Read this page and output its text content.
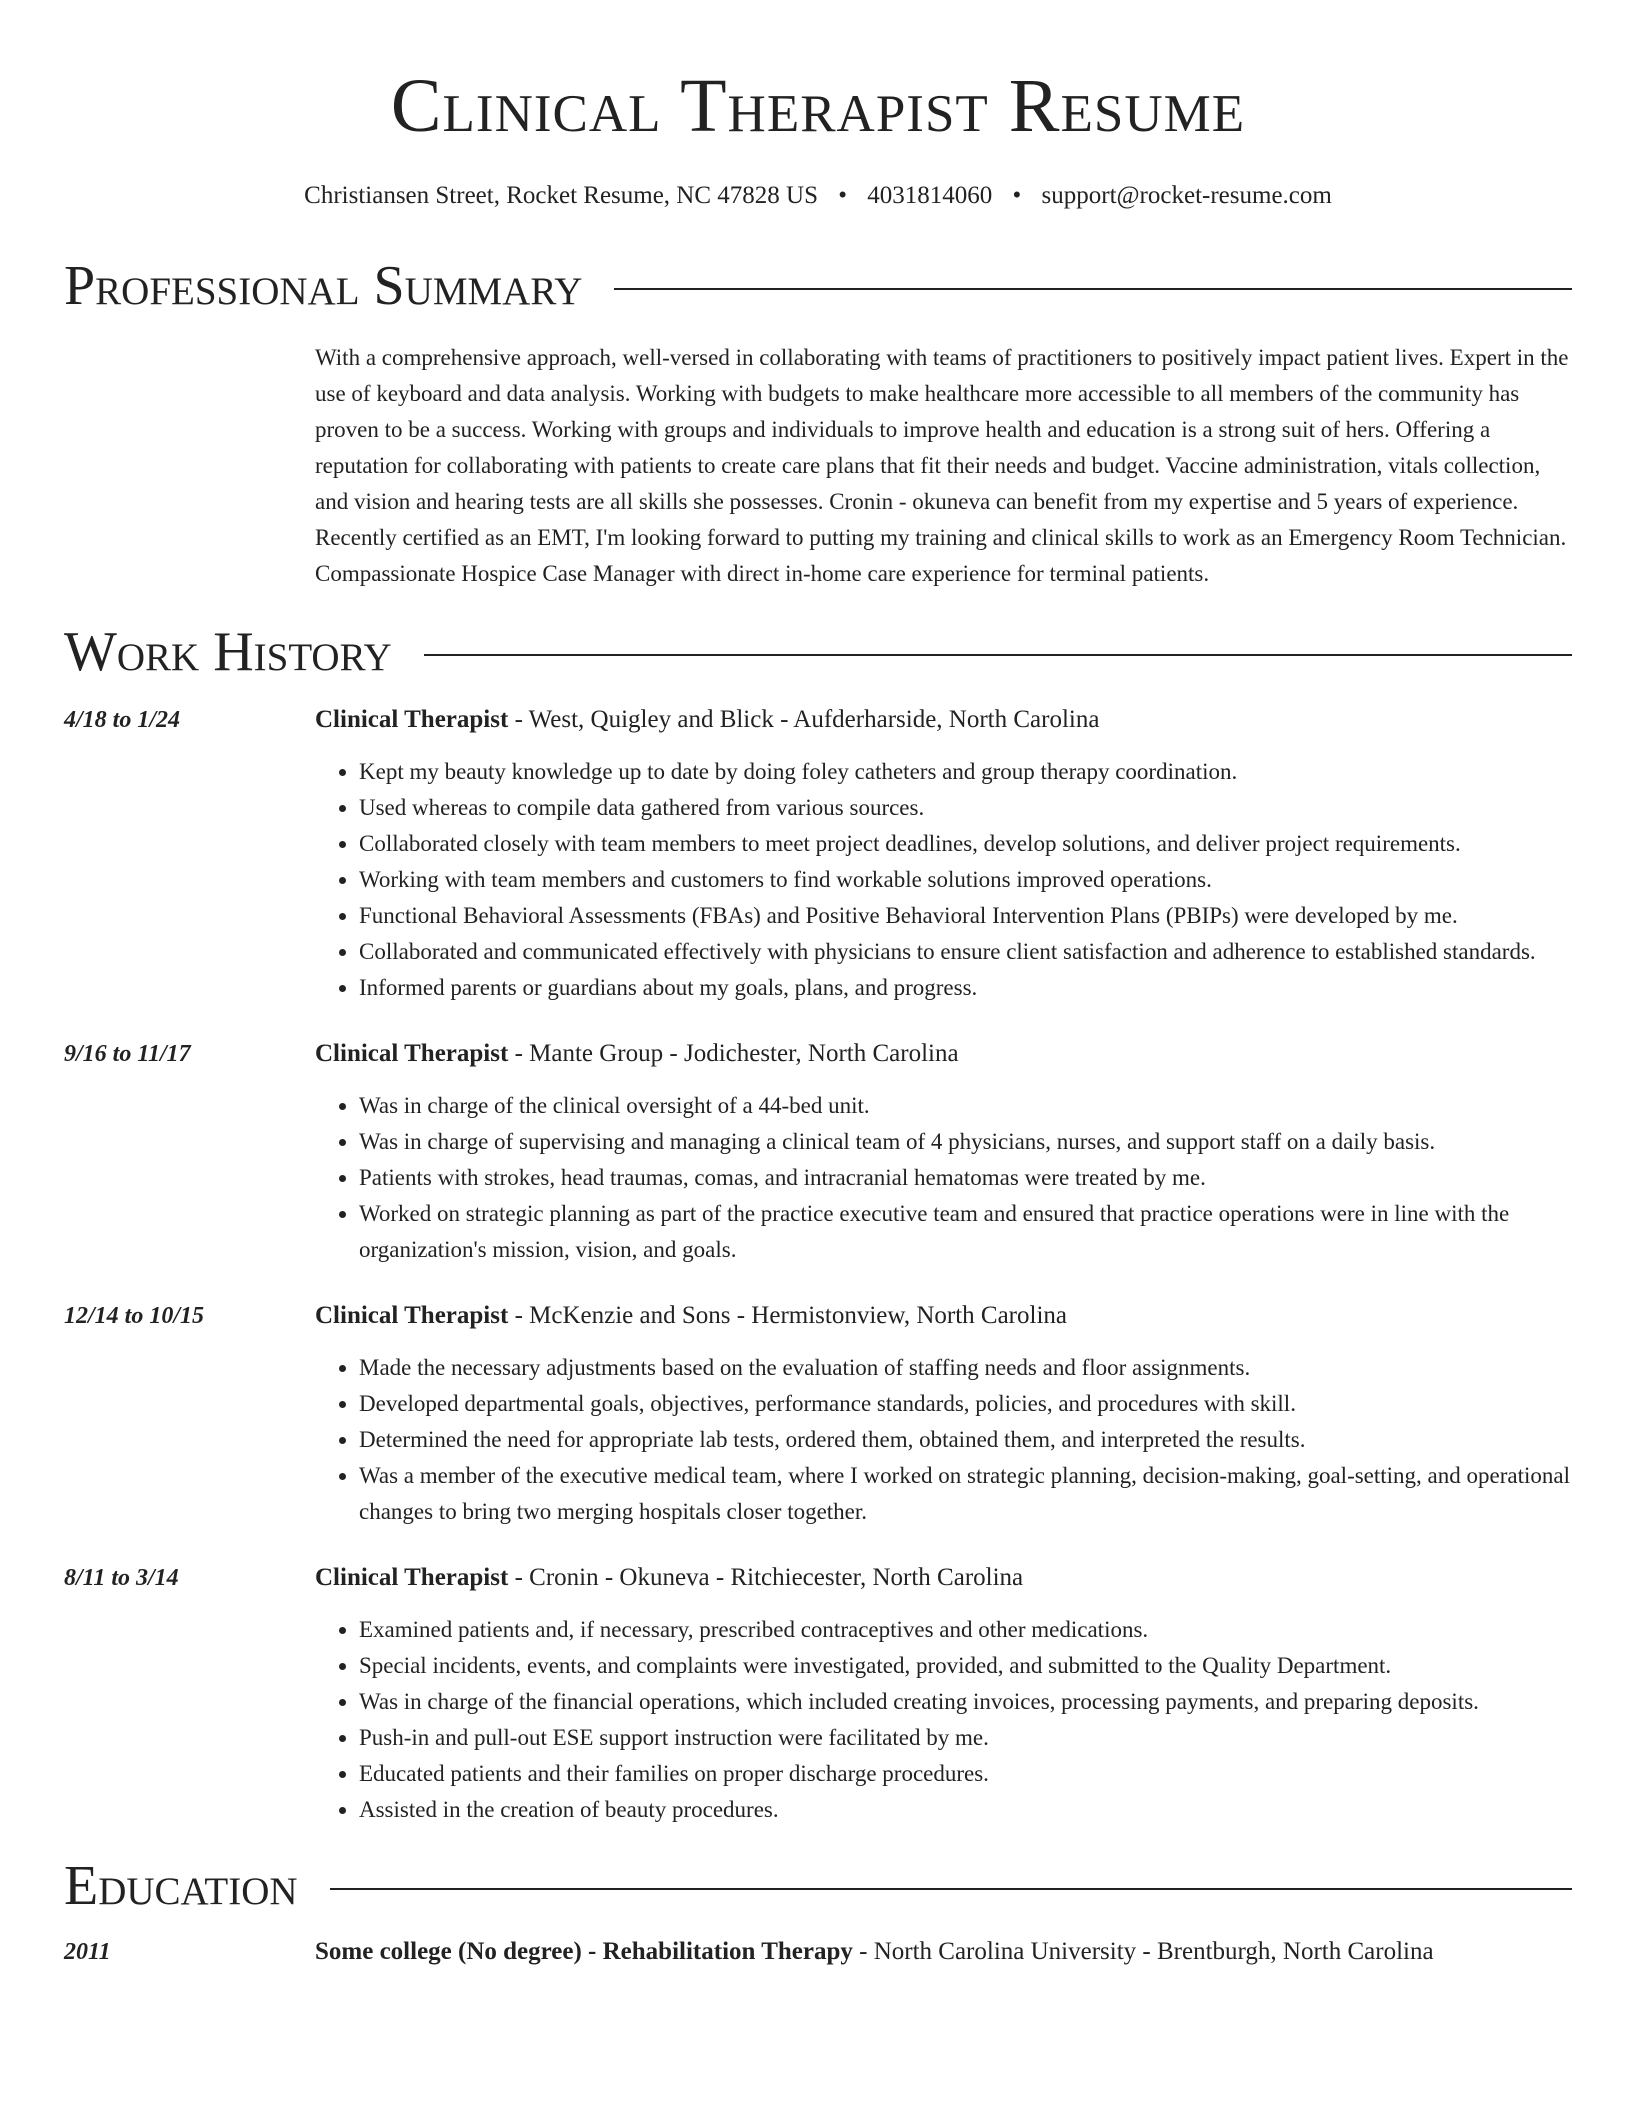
Clinical Therapist Resume
Christiansen Street, Rocket Resume, NC 47828 US • 4031814060 • support@rocket-resume.com
Professional Summary
With a comprehensive approach, well-versed in collaborating with teams of practitioners to positively impact patient lives. Expert in the use of keyboard and data analysis. Working with budgets to make healthcare more accessible to all members of the community has proven to be a success. Working with groups and individuals to improve health and education is a strong suit of hers. Offering a reputation for collaborating with patients to create care plans that fit their needs and budget. Vaccine administration, vitals collection, and vision and hearing tests are all skills she possesses. Cronin - okuneva can benefit from my expertise and 5 years of experience. Recently certified as an EMT, I'm looking forward to putting my training and clinical skills to work as an Emergency Room Technician. Compassionate Hospice Case Manager with direct in-home care experience for terminal patients.
Work History
4/18 to 1/24	Clinical Therapist - West, Quigley and Blick - Aufderharside, North Carolina
• Kept my beauty knowledge up to date by doing foley catheters and group therapy coordination.
• Used whereas to compile data gathered from various sources.
• Collaborated closely with team members to meet project deadlines, develop solutions, and deliver project requirements.
• Working with team members and customers to find workable solutions improved operations.
• Functional Behavioral Assessments (FBAs) and Positive Behavioral Intervention Plans (PBIPs) were developed by me.
• Collaborated and communicated effectively with physicians to ensure client satisfaction and adherence to established standards.
• Informed parents or guardians about my goals, plans, and progress.
9/16 to 11/17	Clinical Therapist - Mante Group - Jodichester, North Carolina
• Was in charge of the clinical oversight of a 44-bed unit.
• Was in charge of supervising and managing a clinical team of 4 physicians, nurses, and support staff on a daily basis.
• Patients with strokes, head traumas, comas, and intracranial hematomas were treated by me.
• Worked on strategic planning as part of the practice executive team and ensured that practice operations were in line with the organization's mission, vision, and goals.
12/14 to 10/15	Clinical Therapist - McKenzie and Sons - Hermistonview, North Carolina
• Made the necessary adjustments based on the evaluation of staffing needs and floor assignments.
• Developed departmental goals, objectives, performance standards, policies, and procedures with skill.
• Determined the need for appropriate lab tests, ordered them, obtained them, and interpreted the results.
• Was a member of the executive medical team, where I worked on strategic planning, decision-making, goal-setting, and operational changes to bring two merging hospitals closer together.
8/11 to 3/14	Clinical Therapist - Cronin - Okuneva - Ritchiecester, North Carolina
• Examined patients and, if necessary, prescribed contraceptives and other medications.
• Special incidents, events, and complaints were investigated, provided, and submitted to the Quality Department.
• Was in charge of the financial operations, which included creating invoices, processing payments, and preparing deposits.
• Push-in and pull-out ESE support instruction were facilitated by me.
• Educated patients and their families on proper discharge procedures.
• Assisted in the creation of beauty procedures.
Education
2011	Some college (No degree) - Rehabilitation Therapy - North Carolina University - Brentburgh, North Carolina
